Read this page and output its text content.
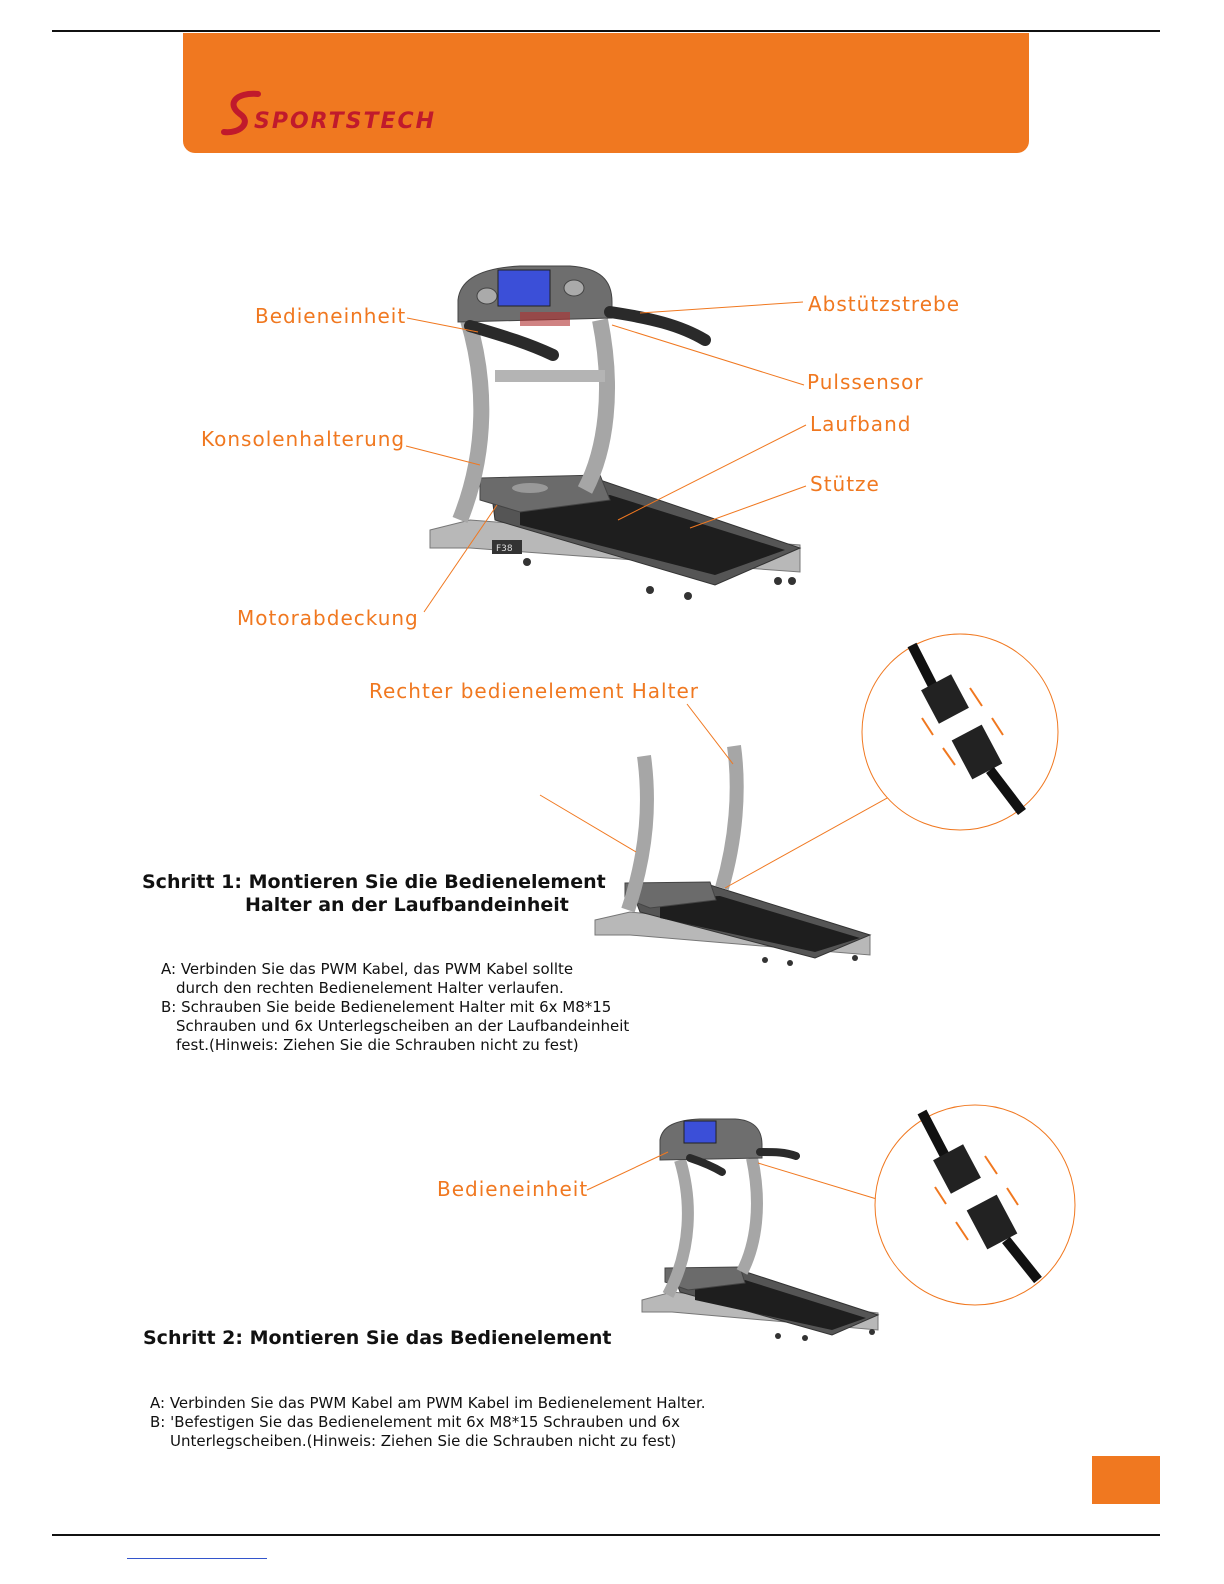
SPORTSTECH
F38
Bedieneinheit	Abstützstrebe
Pulssensor
Konsolenhalterung
Laufband
Stütze
Motorabdeckung
Rechter bedienelement Halter
Schritt 1: Montieren Sie die Bedienelement
Halter an der Laufbandeinheit
A: Verbinden Sie das PWM Kabel, das PWM Kabel sollte
durch den rechten Bedienelement Halter verlaufen.
B: Schrauben Sie beide Bedienelement Halter mit 6x M8*15
Schrauben und 6x Unterlegscheiben an der Laufbandeinheit
fest.(Hinweis: Ziehen Sie die Schrauben nicht zu fest)
Bedieneinheit
Schritt 2: Montieren Sie das Bedienelement
A: Verbinden Sie das PWM Kabel am PWM Kabel im Bedienelement Halter.
B: 'Befestigen Sie das Bedienelement mit 6x M8*15 Schrauben und 6x
Unterlegscheiben.(Hinweis: Ziehen Sie die Schrauben nicht zu fest)
